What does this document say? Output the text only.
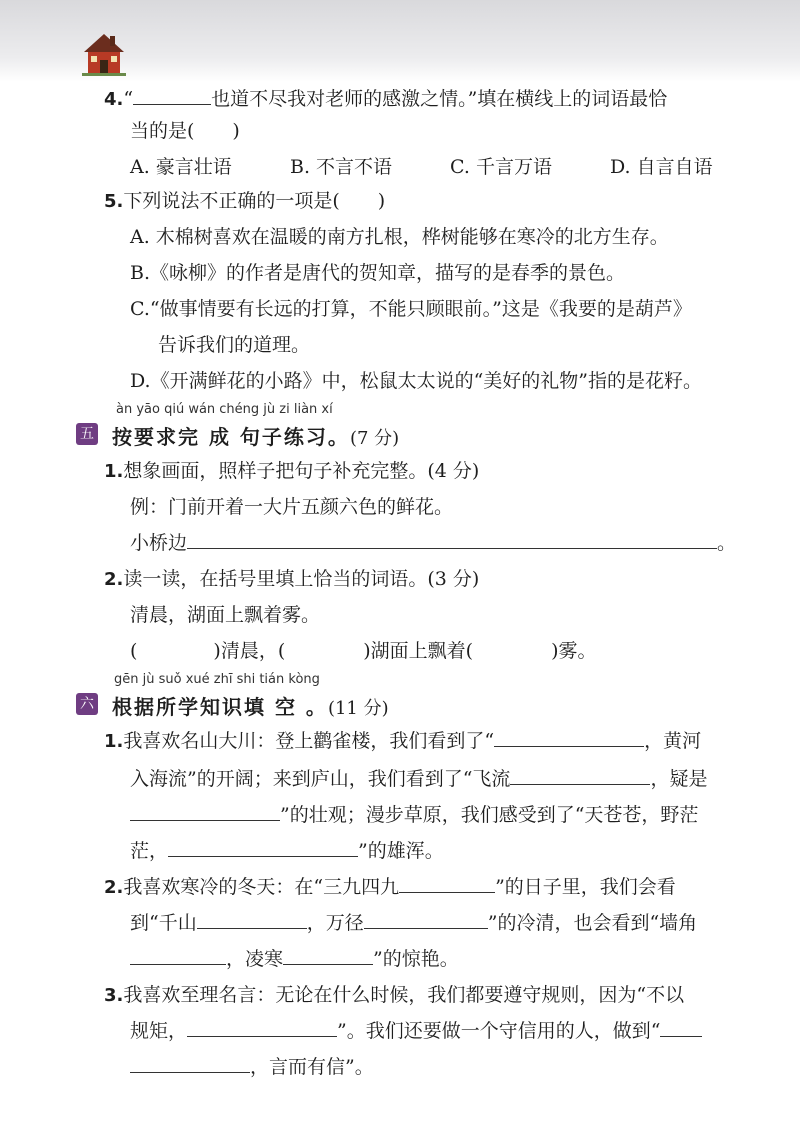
4.“	也道不尽我对老师的感激之情。”填在横线上的词语最恰
当的是(　　)
A. 豪言壮语	B. 不言不语	C. 千言万语	D. 自言自语
5.下列说法不正确的一项是(　　)
A. 木棉树喜欢在温暖的南方扎根，桦树能够在寒冷的北方生存。
B.《咏柳》的作者是唐代的贺知章，描写的是春季的景色。
C.“做事情要有长远的打算，不能只顾眼前。”这是《我要的是葫芦》
告诉我们的道理。
D.《开满鲜花的小路》中，松鼠太太说的“美好的礼物”指的是花籽。
àn yāo qiú wán chéng jù zi liàn xí
五 按要求完 成 句子练习。(7 分)
1.想象画面，照样子把句子补充完整。(4 分)
例：门前开着一大片五颜六色的鲜花。
小桥边	。
2.读一读，在括号里填上恰当的词语。(3 分)
清晨，湖面上飘着雾。
(	)清晨，(	)湖面上飘着(	)雾。
gēn jù suǒ xué zhī shi tián kòng
六 根据所学知识填 空 。(11 分)
1.我喜欢名山大川：登上鹳雀楼，我们看到了“	，黄河
入海流”的开阔；来到庐山，我们看到了“飞流	，疑是
”的壮观；漫步草原，我们感受到了“天苍苍，野茫
茫，	”的雄浑。
2.我喜欢寒冷的冬天：在“三九四九	”的日子里，我们会看
到“千山	，万径	”的冷清，也会看到“墙角
，凌寒	”的惊艳。
3.我喜欢至理名言：无论在什么时候，我们都要遵守规则，因为“不以
规矩，	”。我们还要做一个守信用的人，做到“
，言而有信”。
